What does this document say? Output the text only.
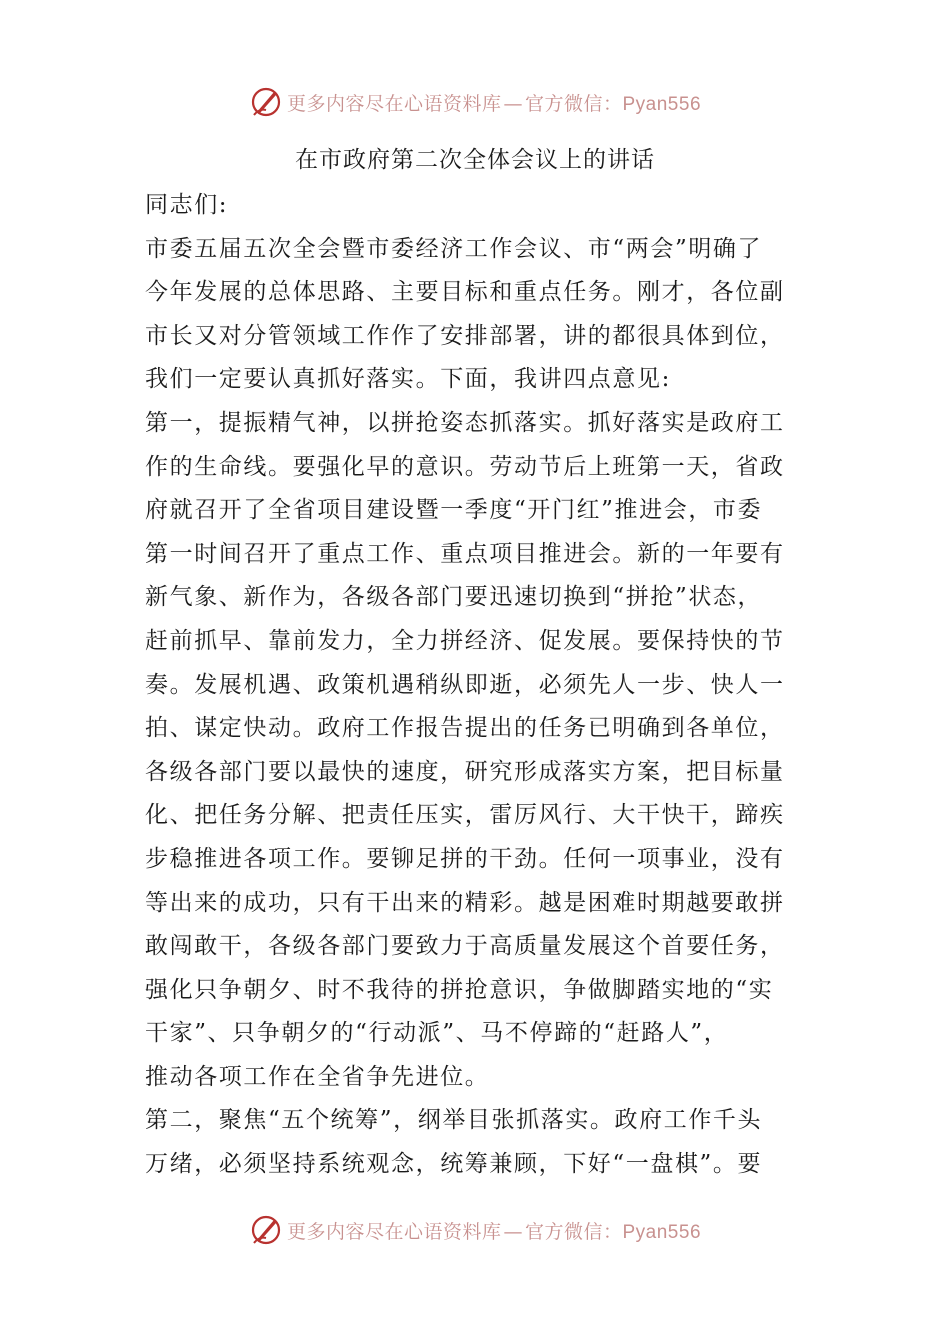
更多内容尽在心语资料库 — 官方微信：Pyan556
在市政府第二次全体会议上的讲话
同志们:
市委五届五次全会暨市委经济工作会议、市“两会”明确了
今年发展的总体思路、主要目标和重点任务。刚才，各位副
市长又对分管领域工作作了安排部署，讲的都很具体到位，
我们一定要认真抓好落实。下面，我讲四点意见:
第一，提振精气神，以拼抢姿态抓落实。抓好落实是政府工
作的生命线。要强化早的意识。劳动节后上班第一天，省政
府就召开了全省项目建设暨一季度“开门红”推进会，市委
第一时间召开了重点工作、重点项目推进会。新的一年要有
新气象、新作为，各级各部门要迅速切换到“拼抢”状态，
赶前抓早、靠前发力，全力拼经济、促发展。要保持快的节
奏。发展机遇、政策机遇稍纵即逝，必须先人一步、快人一
拍、谋定快动。政府工作报告提出的任务已明确到各单位，
各级各部门要以最快的速度，研究形成落实方案，把目标量
化、把任务分解、把责任压实，雷厉风行、大干快干，蹄疾
步稳推进各项工作。要铆足拼的干劲。任何一项事业，没有
等出来的成功，只有干出来的精彩。越是困难时期越要敢拼
敢闯敢干，各级各部门要致力于高质量发展这个首要任务，
强化只争朝夕、时不我待的拼抢意识，争做脚踏实地的“实
干家”、只争朝夕的“行动派”、马不停蹄的“赶路人”，
推动各项工作在全省争先进位。
第二，聚焦“五个统筹”，纲举目张抓落实。政府工作千头
万绪，必须坚持系统观念，统筹兼顾，下好“一盘棋”。要
更多内容尽在心语资料库 — 官方微信：Pyan556
